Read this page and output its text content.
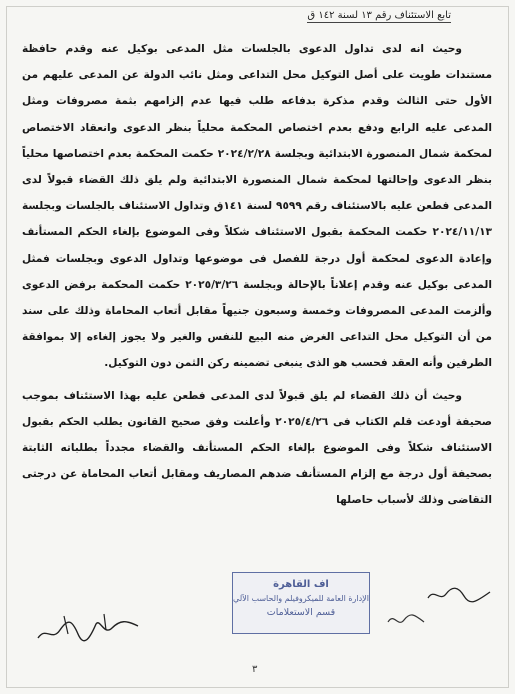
تابع الاستئناف رقم ١٣ لسنة ١٤٢ ق

وحيث انه لدى تداول الدعوى بالجلسات مثل المدعى بوكيل عنه وقدم حافظة مستندات طويت على أصل التوكيل محل التداعى ومثل نائب الدولة عن المدعى عليهم من الأول حتى الثالث وقدم مذكرة بدفاعه طلب فيها عدم إلزامهم بثمة مصروفات ومثل المدعى عليه الرابع ودفع بعدم اختصاص المحكمة محلياً بنظر الدعوى وانعقاد الاختصاص لمحكمة شمال المنصورة الابتدائية وبجلسة ٢٠٢٤/٢/٢٨ حكمت المحكمة بعدم اختصاصها محلياً بنظر الدعوى وإحالتها لمحكمة شمال المنصورة الابتدائية ولم يلق ذلك القضاء قبولاً لدى المدعى فطعن عليه بالاستئناف رقم ٩٥٩٩ لسنة ١٤١ق وتداول الاستئناف بالجلسات وبجلسة ٢٠٢٤/١١/١٣ حكمت المحكمة بقبول الاستئناف شكلاً وفى الموضوع بإلغاء الحكم المستأنف وإعادة الدعوى لمحكمة أول درجة للفصل فى موضوعها وتداول الدعوى وبجلسات فمثل المدعى بوكيل عنه وقدم إعلاناً بالإحالة وبجلسة ٢٠٢٥/٣/٢٦ حكمت المحكمة برفض الدعوى وألزمت المدعى المصروفات وخمسة وسبعون جنيهاً مقابل أتعاب المحاماة وذلك على سند من أن التوكيل محل التداعى الغرض منه البيع للنفس والغير ولا يجوز إلغاءه إلا بموافقة الطرفين وأنه العقد فحسب هو الذى ينبغى تضمينه ركن الثمن دون التوكيل.

وحيث أن ذلك القضاء لم يلق قبولاً لدى المدعى فطعن عليه بهذا الاستئناف بموجب صحيفة أودعت قلم الكتاب فى ٢٠٢٥/٤/٢٦ وأعلنت وفق صحيح القانون يطلب الحكم بقبول الاستئناف شكلاً وفى الموضوع بإلغاء الحكم المستأنف والقضاء مجدداً بطلباته الثابتة بصحيفة أول درجة مع إلزام المستأنف ضدهم المصاريف ومقابل أتعاب المحاماة عن درجتى التقاضى وذلك لأسباب حاصلها

اف القاهرة
الإدارة العامة للميكروفيلم والحاسب الآلي
قسم الاستعلامات
٣
